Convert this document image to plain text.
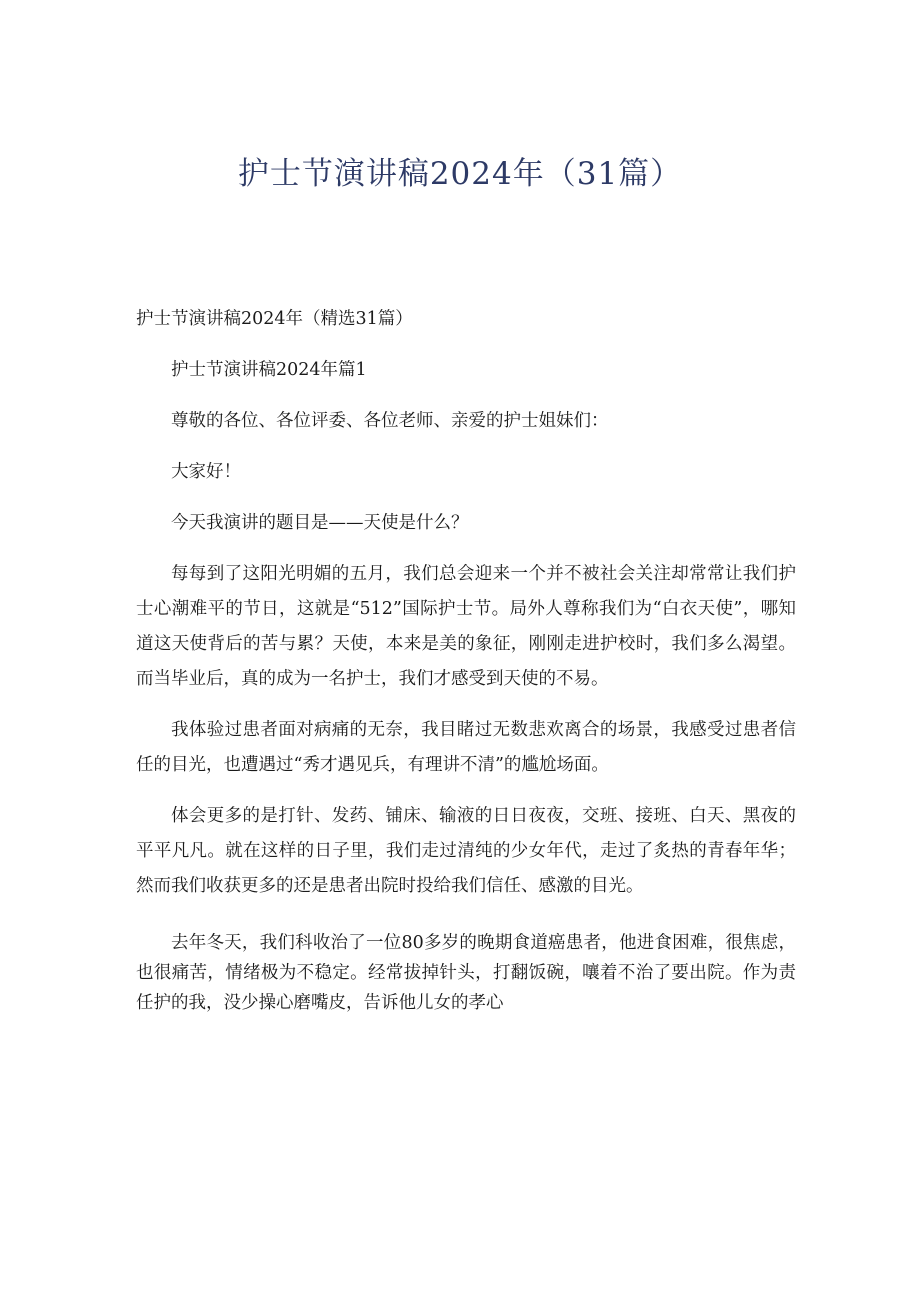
护士节演讲稿2024年（31篇）

护士节演讲稿2024年（精选31篇）

护士节演讲稿2024年篇1

尊敬的各位、各位评委、各位老师、亲爱的护士姐妹们：

大家好！

今天我演讲的题目是——天使是什么？

每每到了这阳光明媚的五月，我们总会迎来一个并不被社会关注却常常让我们护士心潮难平的节日，这就是“512”国际护士节。局外人尊称我们为“白衣天使”，哪知道这天使背后的苦与累？天使，本来是美的象征，刚刚走进护校时，我们多么渴望。而当毕业后，真的成为一名护士，我们才感受到天使的不易。

我体验过患者面对病痛的无奈，我目睹过无数悲欢离合的场景，我感受过患者信任的目光，也遭遇过“秀才遇见兵，有理讲不清”的尴尬场面。

体会更多的是打针、发药、铺床、输液的日日夜夜，交班、接班、白天、黑夜的平平凡凡。就在这样的日子里，我们走过清纯的少女年代，走过了炙热的青春年华；然而我们收获更多的还是患者出院时投给我们信任、感激的目光。

去年冬天，我们科收治了一位80多岁的晚期食道癌患者，他进食困难，很焦虑，也很痛苦，情绪极为不稳定。经常拔掉针头，打翻饭碗，嚷着不治了要出院。作为责任护的我，没少操心磨嘴皮，告诉他儿女的孝心
